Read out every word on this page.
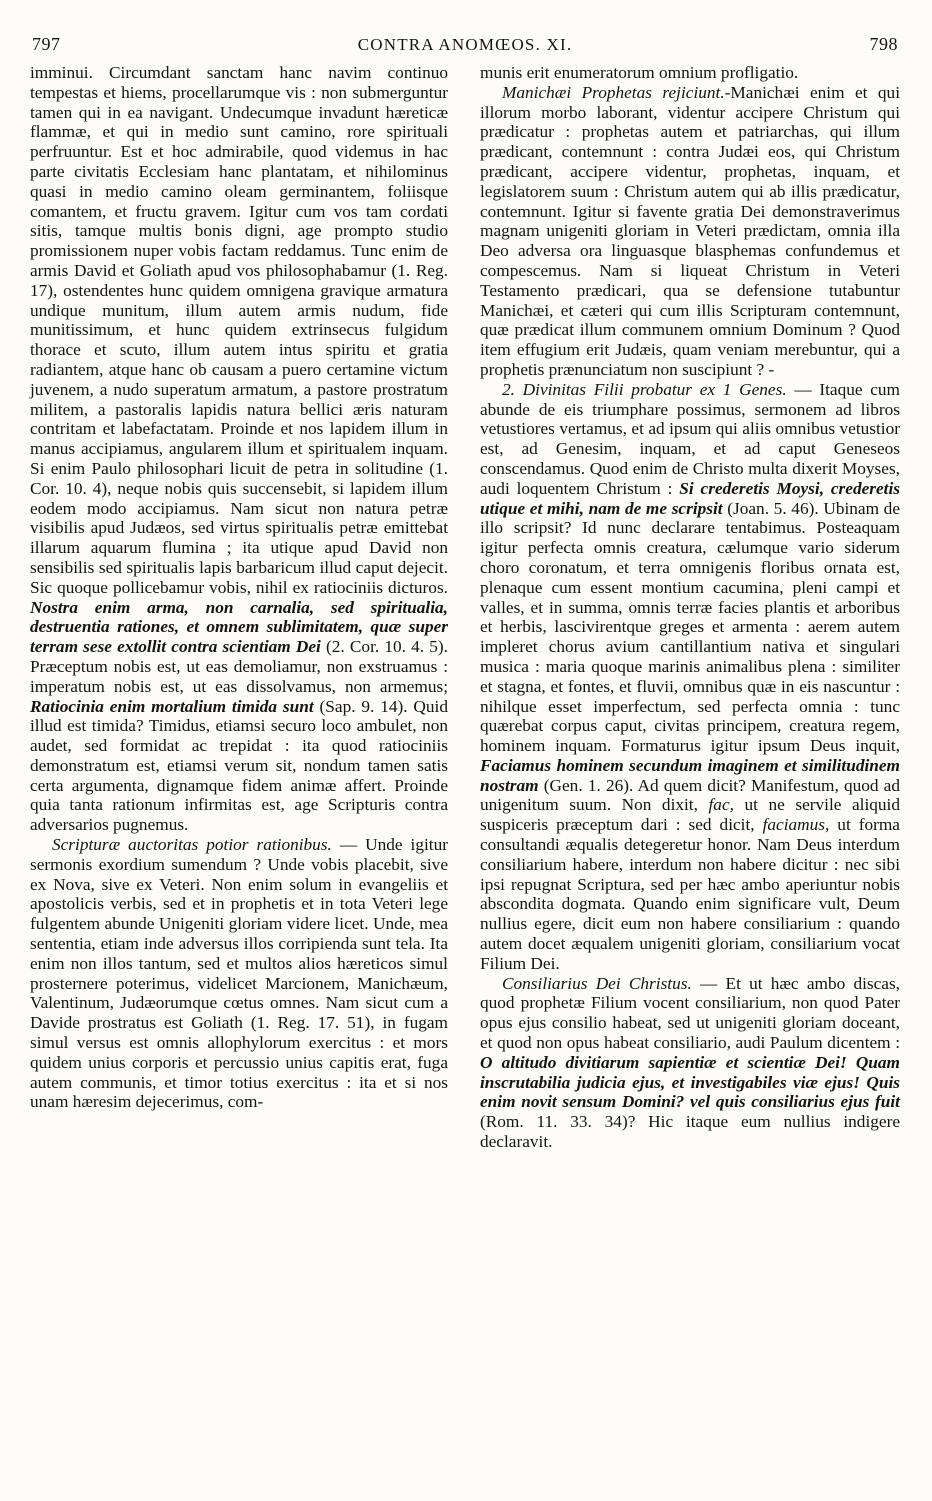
797	CONTRA ANOMŒOS. XI.	798

imminui. Circumdant sanctam hanc navim continuo tempestas et hiems, procellarumque vis : non submerguntur tamen qui in ea navigant. Undecumque invadunt hæreticæ flammæ, et qui in medio sunt camino, rore spirituali perfruuntur. Est et hoc admirabile, quod videmus in hac parte civitatis Ecclesiam hanc plantatam, et nihilominus quasi in medio camino oleam germinantem, foliisque comantem, et fructu gravem. Igitur cum vos tam cordati sitis, tamque multis bonis digni, age prompto studio promissionem nuper vobis factam reddamus. Tunc enim de armis David et Goliath apud vos philosophabamur (1. Reg. 17), ostendentes hunc quidem omnigena gravique armatura undique munitum, illum autem armis nudum, fide munitissimum, et hunc quidem extrinsecus fulgidum thorace et scuto, illum autem intus spiritu et gratia radiantem, atque hanc ob causam a puero certamine victum juvenem, a nudo superatum armatum, a pastore prostratum militem, a pastoralis lapidis natura bellici æris naturam contritam et labefactatam. Proinde et nos lapidem illum in manus accipiamus, angularem illum et spiritualem inquam. Si enim Paulo philosophari licuit de petra in solitudine (1. Cor. 10. 4), neque nobis quis succensebit, si lapidem illum eodem modo accipiamus. Nam sicut non natura petræ visibilis apud Judæos, sed virtus spiritualis petræ emittebat illarum aquarum flumina ; ita utique apud David non sensibilis sed spiritualis lapis barbaricum illud caput dejecit. Sic quoque pollicebamur vobis, nihil ex ratiociniis dicturos. Nostra enim arma, non carnalia, sed spiritualia, destruentia rationes, et omnem sublimitatem, quæ super terram sese extollit contra scientiam Dei (2. Cor. 10. 4. 5). Præceptum nobis est, ut eas demoliamur, non exstruamus : imperatum nobis est, ut eas dissolvamus, non armemus; Ratiocinia enim mortalium timida sunt (Sap. 9. 14). Quid illud est timida? Timidus, etiamsi securo loco ambulet, non audet, sed formidat ac trepidat : ita quod ratiociniis demonstratum est, etiamsi verum sit, nondum tamen satis certa argumenta, dignamque fidem animæ affert. Proinde quia tanta rationum infirmitas est, age Scripturis contra adversarios pugnemus.

Scripturæ auctoritas potior rationibus. — Unde igitur sermonis exordium sumendum ? Unde vobis placebit, sive ex Nova, sive ex Veteri. Non enim solum in evangeliis et apostolicis verbis, sed et in prophetis et in tota Veteri lege fulgentem abunde Unigeniti gloriam videre licet. Unde, mea sententia, etiam inde adversus illos corripienda sunt tela. Ita enim non illos tantum, sed et multos alios hæreticos simul prosternere poterimus, videlicet Marcionem, Manichæum, Valentinum, Judæorumque cœtus omnes. Nam sicut cum a Davide prostratus est Goliath (1. Reg. 17. 51), in fugam simul versus est omnis allophylorum exercitus : et mors quidem unius corporis et percussio unius capitis erat, fuga autem communis, et timor totius exercitus : ita et si nos unam hæresim dejecerimus, com-

munis erit enumeratorum omnium profligatio.

Manichæi Prophetas rejiciunt.-Manichæi enim et qui illorum morbo laborant, videntur accipere Christum qui prædicatur : prophetas autem et patriarchas, qui illum prædicant, contemnunt : contra Judæi eos, qui Christum prædicant, accipere videntur, prophetas, inquam, et legislatorem suum : Christum autem qui ab illis prædicatur, contemnunt. Igitur si favente gratia Dei demonstraverimus magnam unigeniti gloriam in Veteri prædictam, omnia illa Deo adversa ora linguasque blasphemas confundemus et compescemus. Nam si liqueat Christum in Veteri Testamento prædicari, qua se defensione tutabuntur Manichæi, et cæteri qui cum illis Scripturam contemnunt, quæ prædicat illum communem omnium Dominum ? Quod item effugium erit Judæis, quam veniam merebuntur, qui a prophetis prænunciatum non suscipiunt ? -

2. Divinitas Filii probatur ex 1 Genes. — Itaque cum abunde de eis triumphare possimus, sermonem ad libros vetustiores vertamus, et ad ipsum qui aliis omnibus vetustior est, ad Genesim, inquam, et ad caput Geneseos conscendamus. Quod enim de Christo multa dixerit Moyses, audi loquentem Christum : Si crederetis Moysi, crederetis utique et mihi, nam de me scripsit (Joan. 5. 46). Ubinam de illo scripsit? Id nunc declarare tentabimus. Posteaquam igitur perfecta omnis creatura, cælumque vario siderum choro coronatum, et terra omnigenis floribus ornata est, plenaque cum essent montium cacumina, pleni campi et valles, et in summa, omnis terræ facies plantis et arboribus et herbis, lascivirentque greges et armenta : aerem autem impleret chorus avium cantillantium nativa et singulari musica : maria quoque marinis animalibus plena : similiter et stagna, et fontes, et fluvii, omnibus quæ in eis nascuntur : nihilque esset imperfectum, sed perfecta omnia : tunc quærebat corpus caput, civitas principem, creatura regem, hominem inquam. Formaturus igitur ipsum Deus inquit, Faciamus hominem secundum imaginem et similitudinem nostram (Gen. 1. 26). Ad quem dicit? Manifestum, quod ad unigenitum suum. Non dixit, fac, ut ne servile aliquid suspiceris præceptum dari : sed dicit, faciamus, ut forma consultandi æqualis detegeretur honor. Nam Deus interdum consiliarium habere, interdum non habere dicitur : nec sibi ipsi repugnat Scriptura, sed per hæc ambo aperiuntur nobis abscondita dogmata. Quando enim significare vult, Deum nullius egere, dicit eum non habere consiliarium : quando autem docet æqualem unigeniti gloriam, consiliarium vocat Filium Dei.

Consiliarius Dei Christus. — Et ut hæc ambo discas, quod prophetæ Filium vocent consiliarium, non quod Pater opus ejus consilio habeat, sed ut unigeniti gloriam doceant, et quod non opus habeat consiliario, audi Paulum dicentem : O altitudo divitiarum sapientiæ et scientiæ Dei! Quam inscrutabilia judicia ejus, et investigabiles viæ ejus! Quis enim novit sensum Domini? vel quis consiliarius ejus fuit (Rom. 11. 33. 34)? Hic itaque eum nullius indigere declaravit.
